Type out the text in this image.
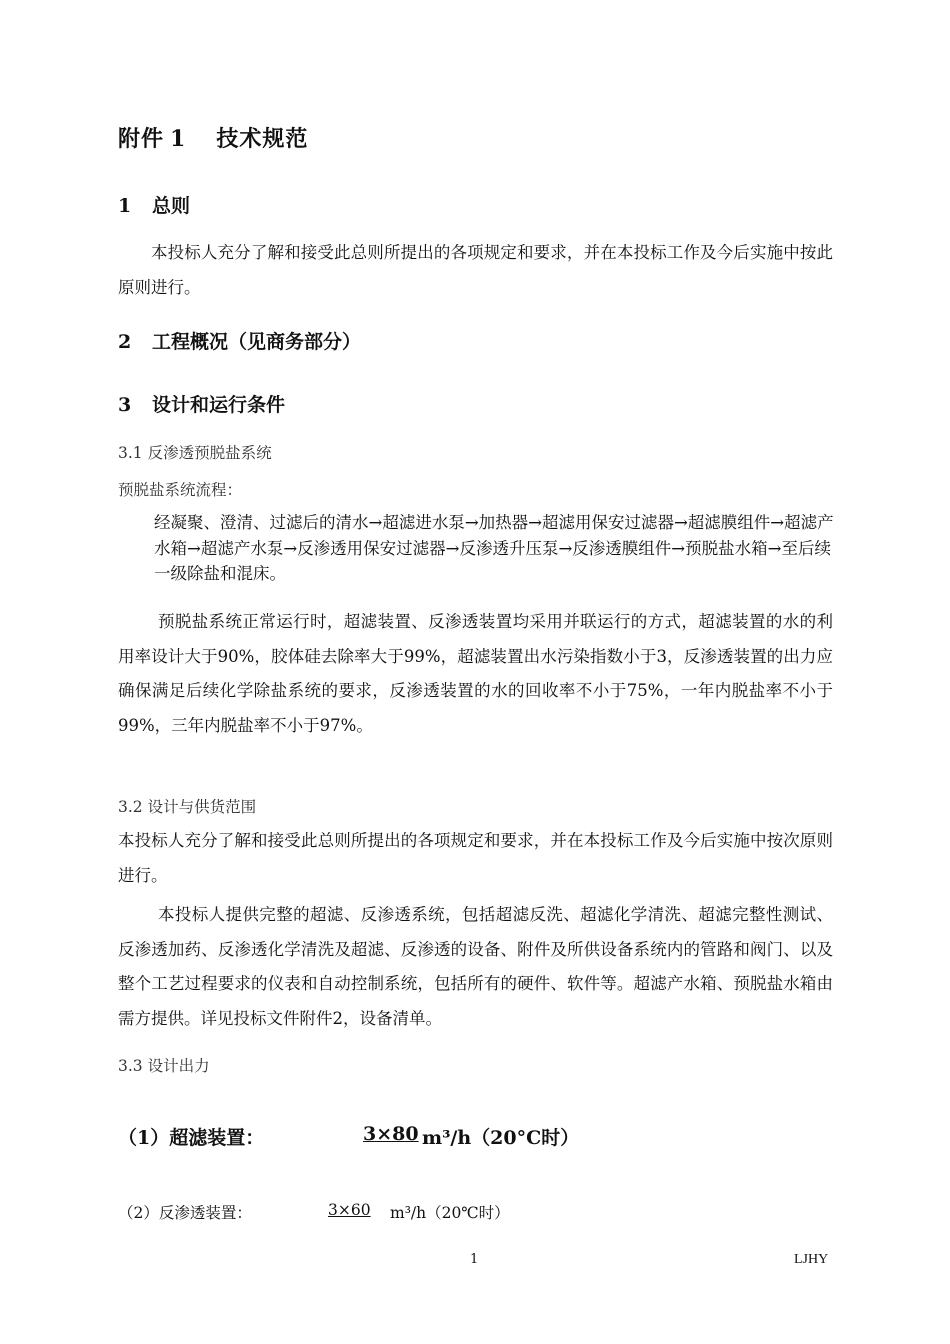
附件 1 技术规范
1 总则
本投标人充分了解和接受此总则所提出的各项规定和要求，并在本投标工作及今后实施中按此原则进行。
2 工程概况（见商务部分）
3 设计和运行条件
3.1 反渗透预脱盐系统
预脱盐系统流程：
经凝聚、澄清、过滤后的清水→超滤进水泵→加热器→超滤用保安过滤器→超滤膜组件→超滤产水箱→超滤产水泵→反渗透用保安过滤器→反渗透升压泵→反渗透膜组件→预脱盐水箱→至后续一级除盐和混床。
预脱盐系统正常运行时，超滤装置、反渗透装置均采用并联运行的方式，超滤装置的水的利用率设计大于90%，胶体硅去除率大于99%，超滤装置出水污染指数小于3，反渗透装置的出力应确保满足后续化学除盐系统的要求，反渗透装置的水的回收率不小于75%，一年内脱盐率不小于99%，三年内脱盐率不小于97%。
3.2 设计与供货范围
本投标人充分了解和接受此总则所提出的各项规定和要求，并在本投标工作及今后实施中按次原则进行。
本投标人提供完整的超滤、反渗透系统，包括超滤反洗、超滤化学清洗、超滤完整性测试、反渗透加药、反渗透化学清洗及超滤、反渗透的设备、附件及所供设备系统内的管路和阀门、以及整个工艺过程要求的仪表和自动控制系统，包括所有的硬件、软件等。超滤产水箱、预脱盐水箱由需方提供。详见投标文件附件2，设备清单。
3.3 设计出力
（1）超滤装置：	3×80 m³/h（20°C时）
（2）反渗透装置：	3×60 m³/h（20℃时）
1	LJHY
